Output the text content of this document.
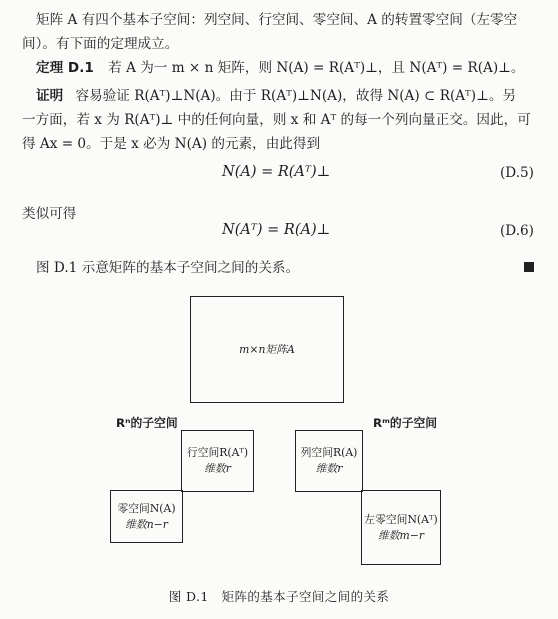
矩阵 A 有四个基本子空间：列空间、行空间、零空间、A 的转置零空间（左零空
间）。有下面的定理成立。
定理 D.1 若 A 为一 m × n 矩阵，则 N(A) = R(Aᵀ)⊥，且 N(Aᵀ) = R(A)⊥。
证明 容易验证 R(Aᵀ)⊥N(A)。由于 R(Aᵀ)⊥N(A)，故得 N(A) ⊂ R(Aᵀ)⊥。另
一方面，若 x 为 R(Aᵀ)⊥ 中的任何向量，则 x 和 Aᵀ 的每一个列向量正交。因此，可
得 Ax = 0。于是 x 必为 N(A) 的元素，由此得到
N(A) = R(Aᵀ)⊥	(D.5)
类似可得
N(Aᵀ) = R(A)⊥	(D.6)
图 D.1 示意矩阵的基本子空间之间的关系。
m×n矩阵A
Rⁿ的子空间	Rᵐ的子空间
行空间R(Aᵀ)
维数r
零空间N(A)
维数n−r
列空间R(A)
维数r
左零空间N(Aᵀ)
维数m−r
图 D.1　矩阵的基本子空间之间的关系
